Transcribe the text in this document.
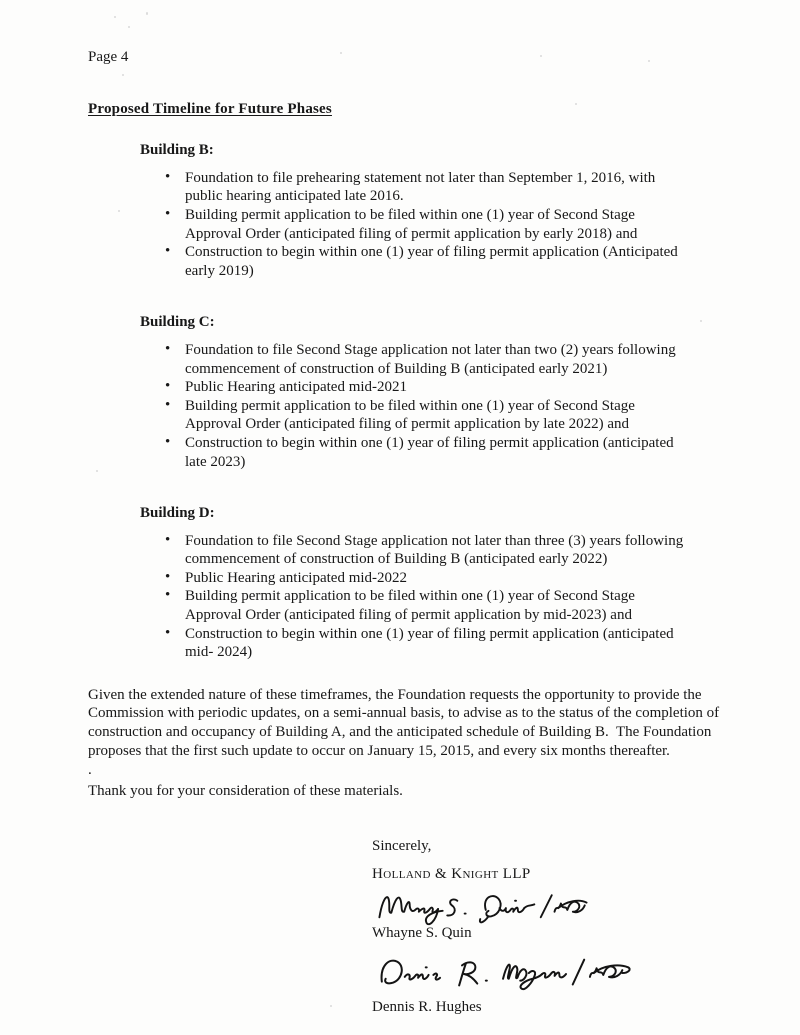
Page 4
Proposed Timeline for Future Phases
Building B:
• Foundation to file prehearing statement not later than September 1, 2016, with public hearing anticipated late 2016.
• Building permit application to be filed within one (1) year of Second Stage Approval Order (anticipated filing of permit application by early 2018) and
• Construction to begin within one (1) year of filing permit application (Anticipated early 2019)
Building C:
• Foundation to file Second Stage application not later than two (2) years following commencement of construction of Building B (anticipated early 2021)
• Public Hearing anticipated mid-2021
• Building permit application to be filed within one (1) year of Second Stage Approval Order (anticipated filing of permit application by late 2022) and
• Construction to begin within one (1) year of filing permit application (anticipated late 2023)
Building D:
• Foundation to file Second Stage application not later than three (3) years following commencement of construction of Building B (anticipated early 2022)
• Public Hearing anticipated mid-2022
• Building permit application to be filed within one (1) year of Second Stage Approval Order (anticipated filing of permit application by mid-2023) and
• Construction to begin within one (1) year of filing permit application (anticipated mid- 2024)
Given the extended nature of these timeframes, the Foundation requests the opportunity to provide the Commission with periodic updates, on a semi-annual basis, to advise as to the status of the completion of construction and occupancy of Building A, and the anticipated schedule of Building B.  The Foundation proposes that the first such update to occur on January 15, 2015, and every six months thereafter.
.
Thank you for your consideration of these materials.
Sincerely,
Holland & Knight LLP
Whayne S. Quin
Dennis R. Hughes
